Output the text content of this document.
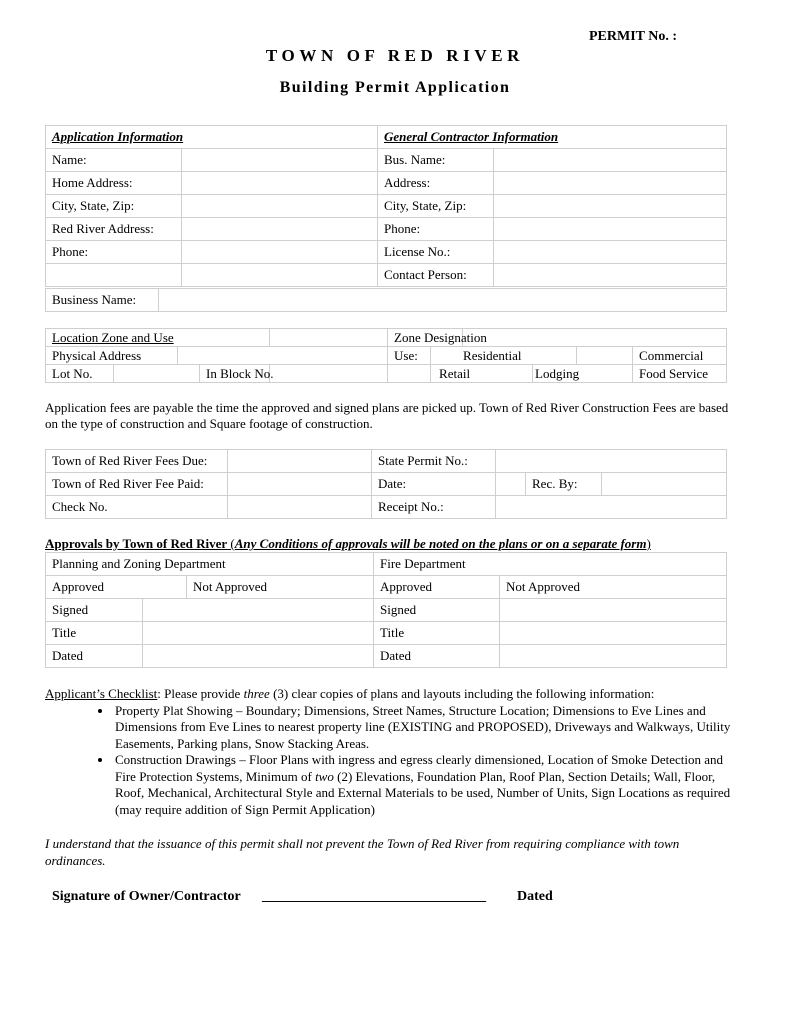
PERMIT No. :
TOWN OF RED RIVER
Building Permit Application
Application Information		General Contractor Information	
Name:		Bus. Name:	
Home Address:		Address:	
City, State, Zip:		City, State, Zip:	
Red River Address:		Phone:	
Phone:		License No.:	
		Contact Person:	
Business Name:	
Location Zone and Use					Zone Designation					
Physical Address					Use:	Residential				Commercial
Lot No.			In Block No.			Retail		Lodging		Food Service
Application fees are payable the time the approved and signed plans are picked up. Town of Red River Construction Fees are based on the type of construction and Square footage of construction.
Town of Red River Fees Due:		State Permit No.:			
Town of Red River Fee Paid:		Date:		Rec. By:	
Check No.		Receipt No.:			
Approvals by Town of Red River (Any Conditions of approvals will be noted on the plans or on a separate form)
Planning and Zoning Department			Fire Department	
Approved		Not Approved	Approved	Not Approved
Signed			Signed	
Title			Title	
Dated			Dated	
Applicant’s Checklist: Please provide three (3) clear copies of plans and layouts including the following information:
• Property Plat Showing – Boundary; Dimensions, Street Names, Structure Location; Dimensions to Eve Lines and Dimensions from Eve Lines to nearest property line (EXISTING and PROPOSED), Driveways and Walkways, Utility Easements, Parking plans, Snow Stacking Areas.
• Construction Drawings – Floor Plans with ingress and egress clearly dimensioned, Location of Smoke Detection and Fire Protection Systems, Minimum of two (2) Elevations, Foundation Plan, Roof Plan, Section Details; Wall, Floor, Roof, Mechanical, Architectural Style and External Materials to be used, Number of Units, Sign Locations as required (may require addition of Sign Permit Application)
I understand that the issuance of this permit shall not prevent the Town of Red River from requiring compliance with town ordinances.
Signature of Owner/Contractor ________________________________ Dated
